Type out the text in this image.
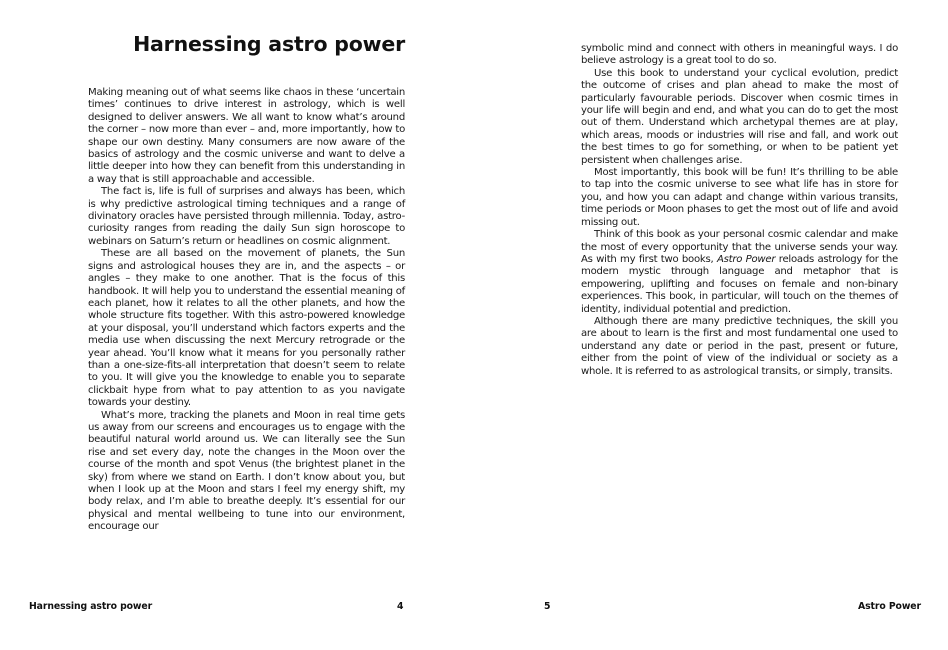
Harnessing astro power

Making meaning out of what seems like chaos in these ‘uncertain times’ continues to drive interest in astrology, which is well designed to deliver answers. We all want to know what’s around the corner – now more than ever – and, more importantly, how to shape our own destiny. Many consumers are now aware of the basics of astrology and the cosmic universe and want to delve a little deeper into how they can benefit from this understanding in a way that is still approachable and accessible.

The fact is, life is full of surprises and always has been, which is why predictive astrological timing techniques and a range of divinatory oracles have persisted through millennia. Today, astro-curiosity ranges from reading the daily Sun sign horoscope to webinars on Saturn’s return or headlines on cosmic alignment.

These are all based on the movement of planets, the Sun signs and astrological houses they are in, and the aspects – or angles – they make to one another. That is the focus of this handbook. It will help you to understand the essential meaning of each planet, how it relates to all the other planets, and how the whole structure fits together. With this astro-powered knowledge at your disposal, you’ll understand which factors experts and the media use when discussing the next Mercury retrograde or the year ahead. You’ll know what it means for you personally rather than a one-size-fits-all interpretation that doesn’t seem to relate to you. It will give you the knowledge to enable you to separate clickbait hype from what to pay attention to as you navigate towards your destiny.

What’s more, tracking the planets and Moon in real time gets us away from our screens and encourages us to engage with the beautiful natural world around us. We can literally see the Sun rise and set every day, note the changes in the Moon over the course of the month and spot Venus (the brightest planet in the sky) from where we stand on Earth. I don’t know about you, but when I look up at the Moon and stars I feel my energy shift, my body relax, and I’m able to breathe deeply. It’s essential for our physical and mental wellbeing to tune into our environment, encourage our

Harnessing astro power	4

symbolic mind and connect with others in meaningful ways. I do believe astrology is a great tool to do so.

Use this book to understand your cyclical evolution, predict the outcome of crises and plan ahead to make the most of particularly favourable periods. Discover when cosmic times in your life will begin and end, and what you can do to get the most out of them. Understand which archetypal themes are at play, which areas, moods or industries will rise and fall, and work out the best times to go for something, or when to be patient yet persistent when challenges arise.

Most importantly, this book will be fun! It’s thrilling to be able to tap into the cosmic universe to see what life has in store for you, and how you can adapt and change within various transits, time periods or Moon phases to get the most out of life and avoid missing out.

Think of this book as your personal cosmic calendar and make the most of every opportunity that the universe sends your way. As with my first two books, Astro Power reloads astrology for the modern mystic through language and metaphor that is empowering, uplifting and focuses on female and non-binary experiences. This book, in particular, will touch on the themes of identity, individual potential and prediction.

Although there are many predictive techniques, the skill you are about to learn is the first and most fundamental one used to understand any date or period in the past, present or future, either from the point of view of the individual or society as a whole. It is referred to as astrological transits, or simply, transits.

5	Astro Power
